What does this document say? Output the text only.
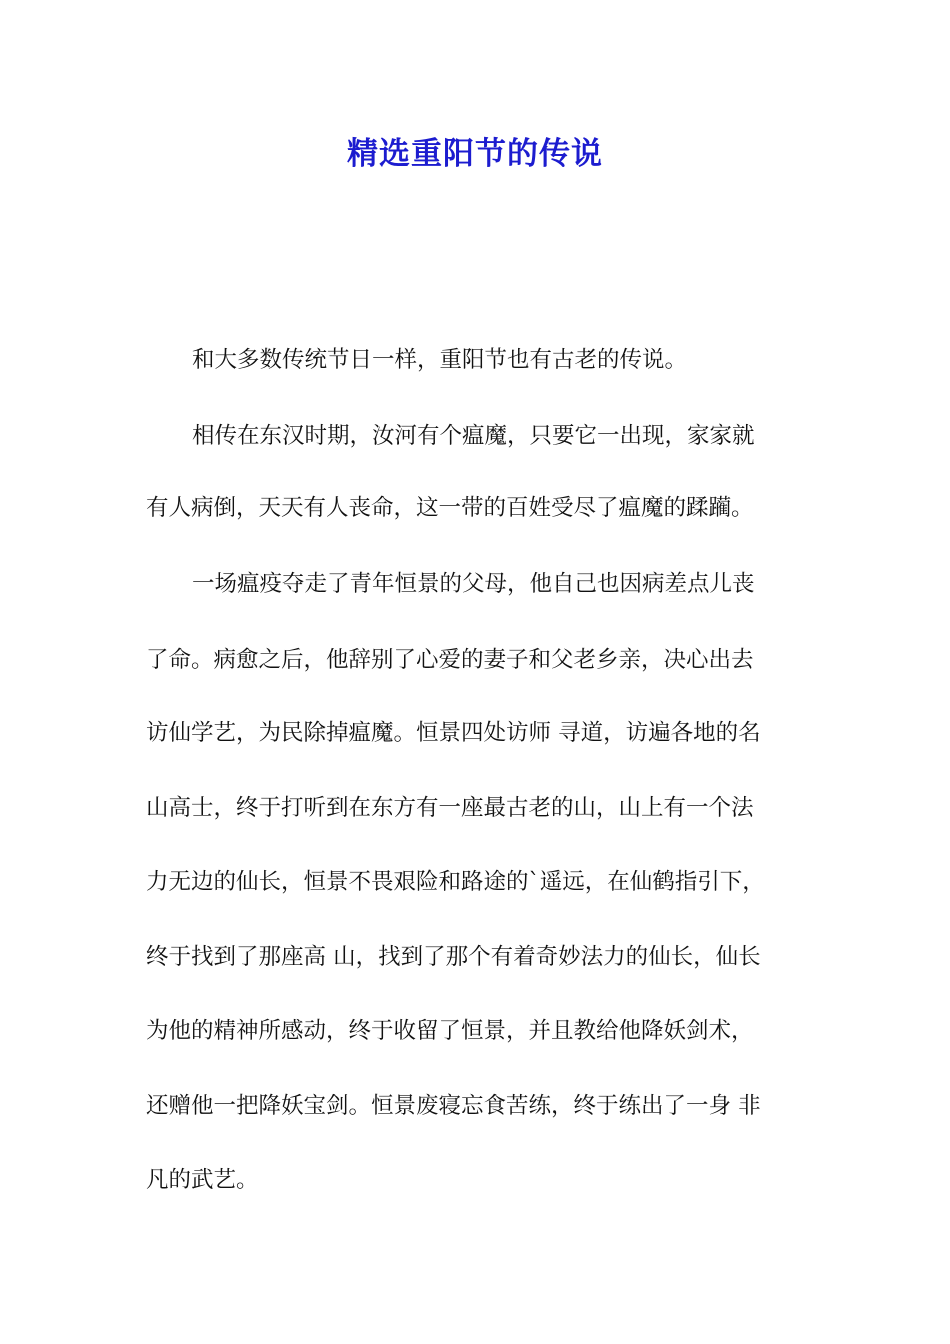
精选重阳节的传说

和大多数传统节日一样，重阳节也有古老的传说。

相传在东汉时期，汝河有个瘟魔，只要它一出现，家家就

有人病倒，天天有人丧命，这一带的百姓受尽了瘟魔的蹂躏。

一场瘟疫夺走了青年恒景的父母，他自己也因病差点儿丧

了命。病愈之后，他辞别了心爱的妻子和父老乡亲，决心出去

访仙学艺，为民除掉瘟魔。恒景四处访师 寻道，访遍各地的名

山高士，终于打听到在东方有一座最古老的山，山上有一个法

力无边的仙长，恒景不畏艰险和路途的`遥远，在仙鹤指引下，

终于找到了那座高 山，找到了那个有着奇妙法力的仙长，仙长

为他的精神所感动，终于收留了恒景，并且教给他降妖剑术，

还赠他一把降妖宝剑。恒景废寝忘食苦练，终于练出了一身 非

凡的武艺。
